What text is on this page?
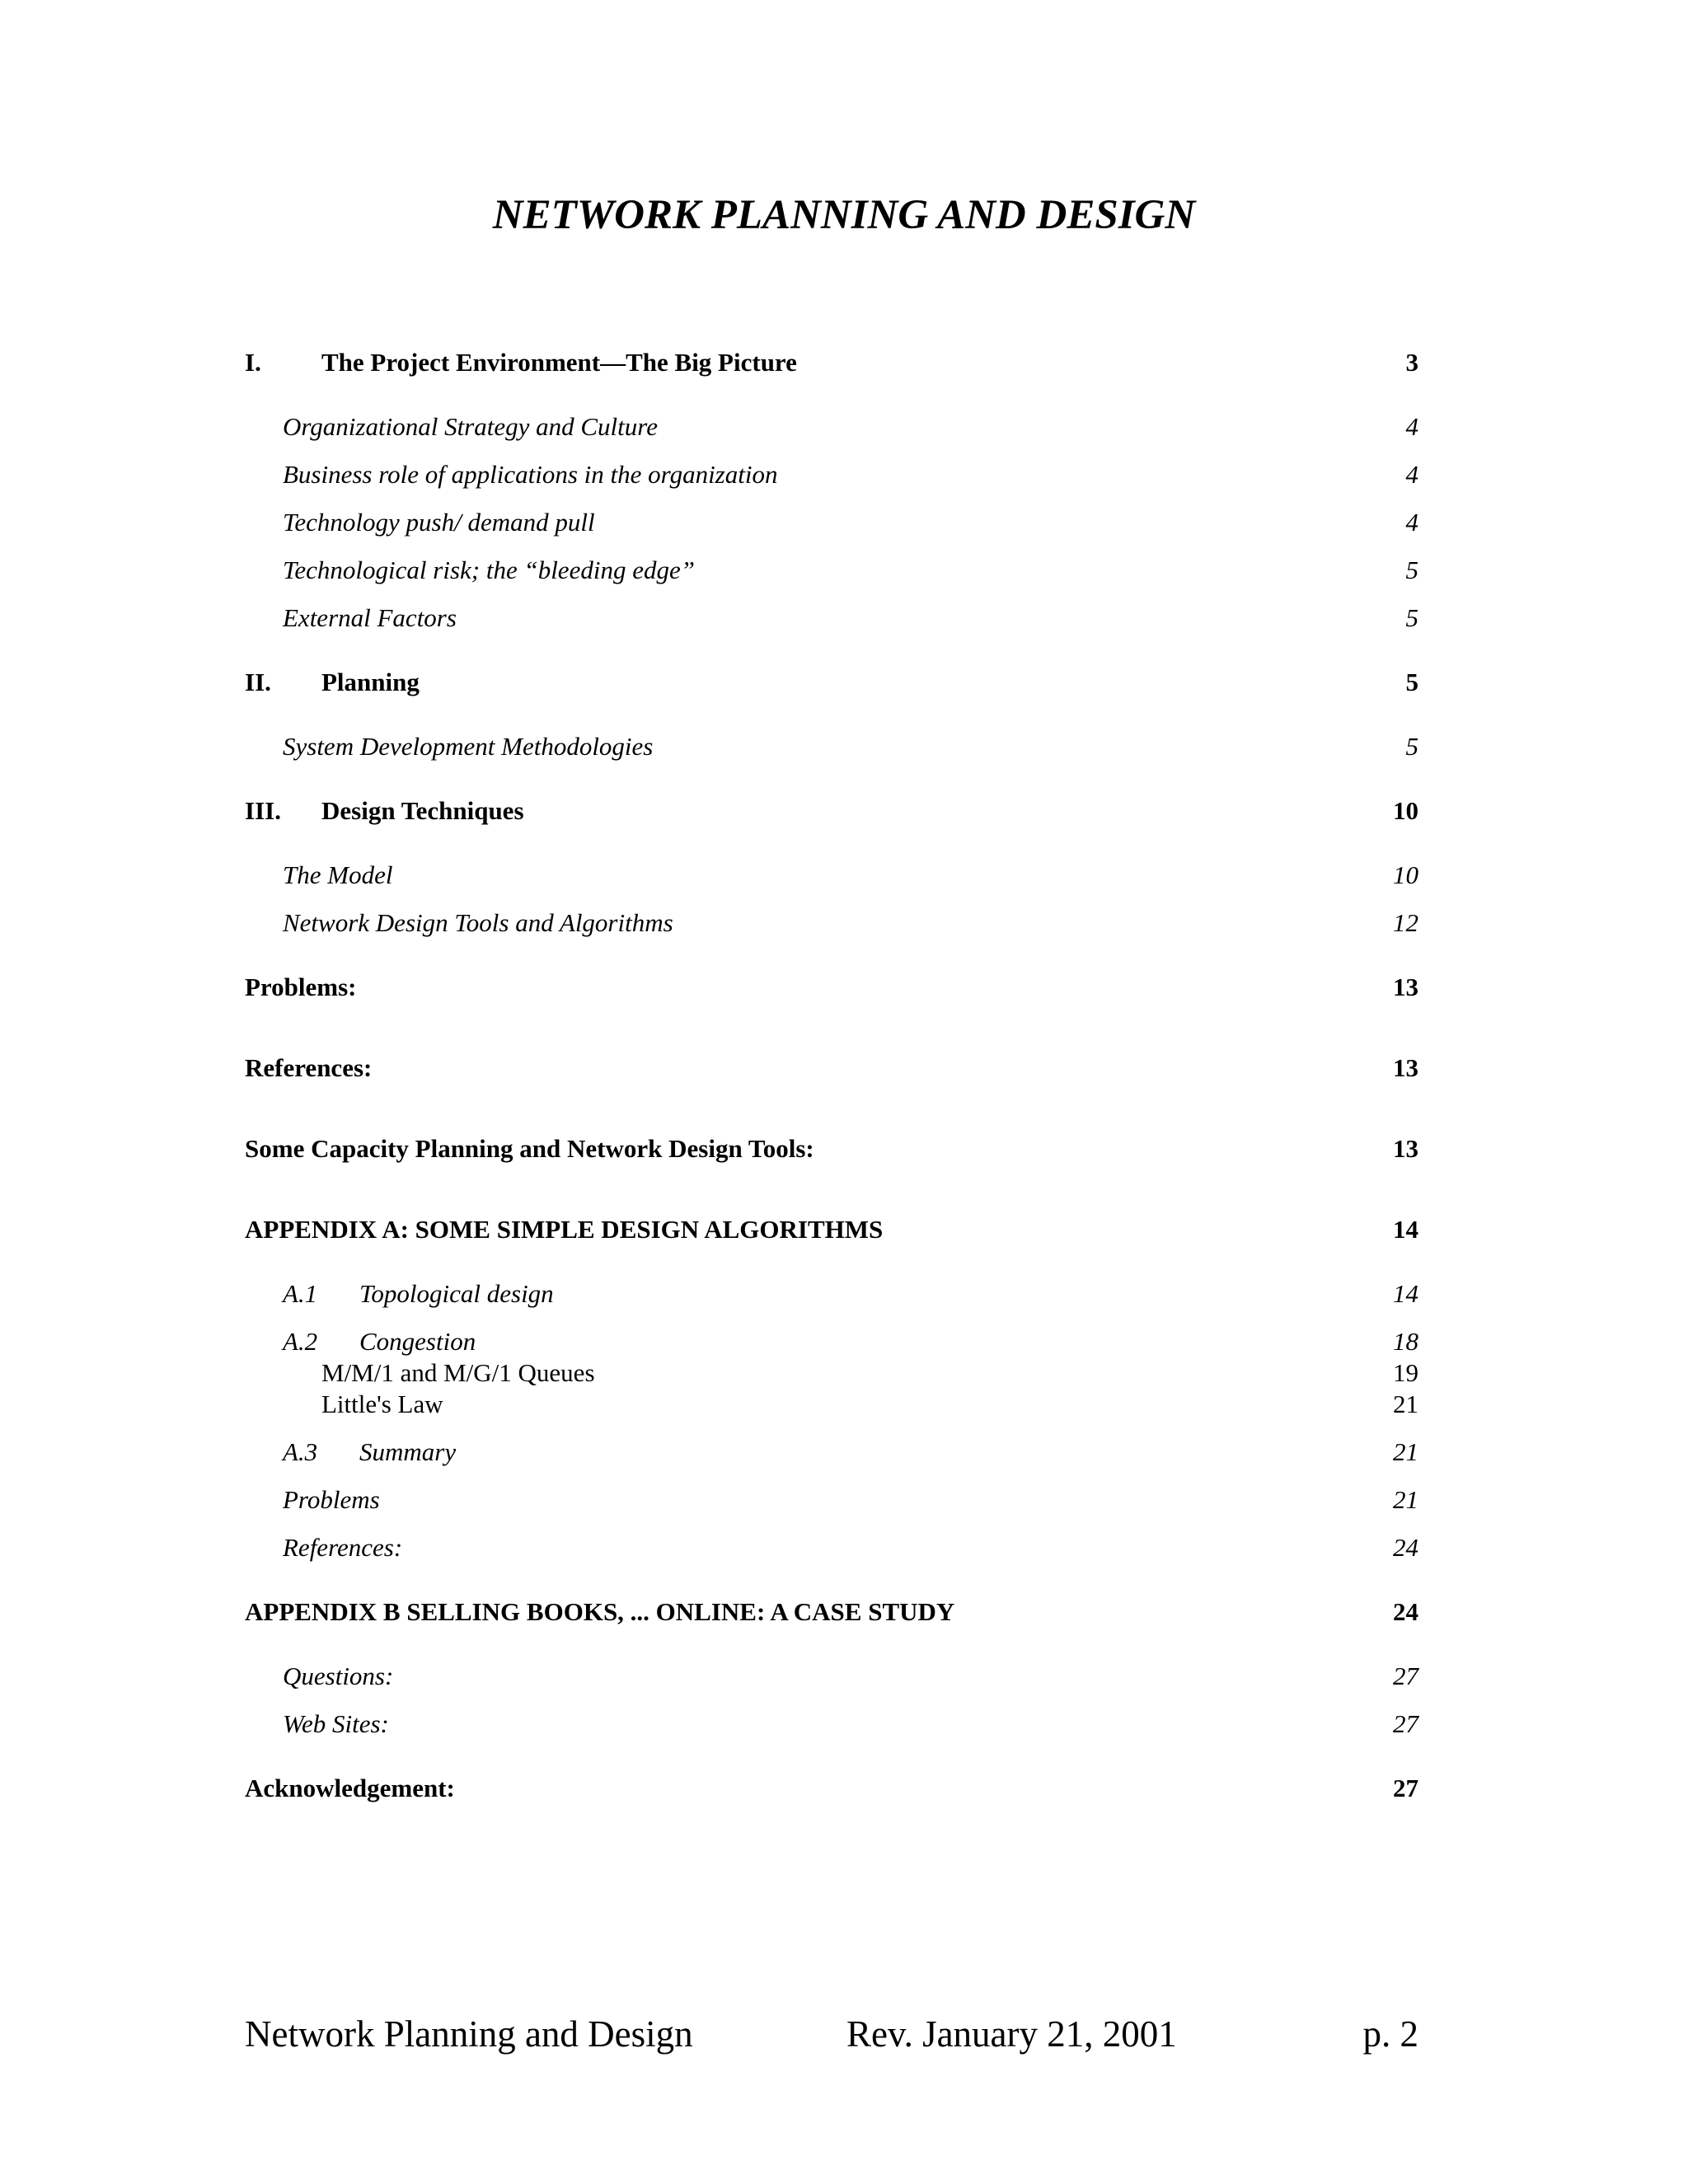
NETWORK PLANNING AND DESIGN
I. The Project Environment—The Big Picture	3
Organizational Strategy and Culture	4
Business role of applications in the organization	4
Technology push/ demand pull	4
Technological risk; the “bleeding edge”	5
External Factors	5
II. Planning	5
System Development Methodologies	5
III. Design Techniques	10
The Model	10
Network Design Tools and Algorithms	12
Problems:	13
References:	13
Some Capacity Planning and Network Design Tools:	13
APPENDIX A: SOME SIMPLE DESIGN ALGORITHMS	14
A.1 Topological design	14
A.2 Congestion	18
M/M/1 and M/G/1 Queues	19
Little's Law	21
A.3 Summary	21
Problems	21
References:	24
APPENDIX B SELLING BOOKS, ... ONLINE: A CASE STUDY	24
Questions:	27
Web Sites:	27
Acknowledgement:	27
Network Planning and Design	Rev. January 21, 2001	p. 2
